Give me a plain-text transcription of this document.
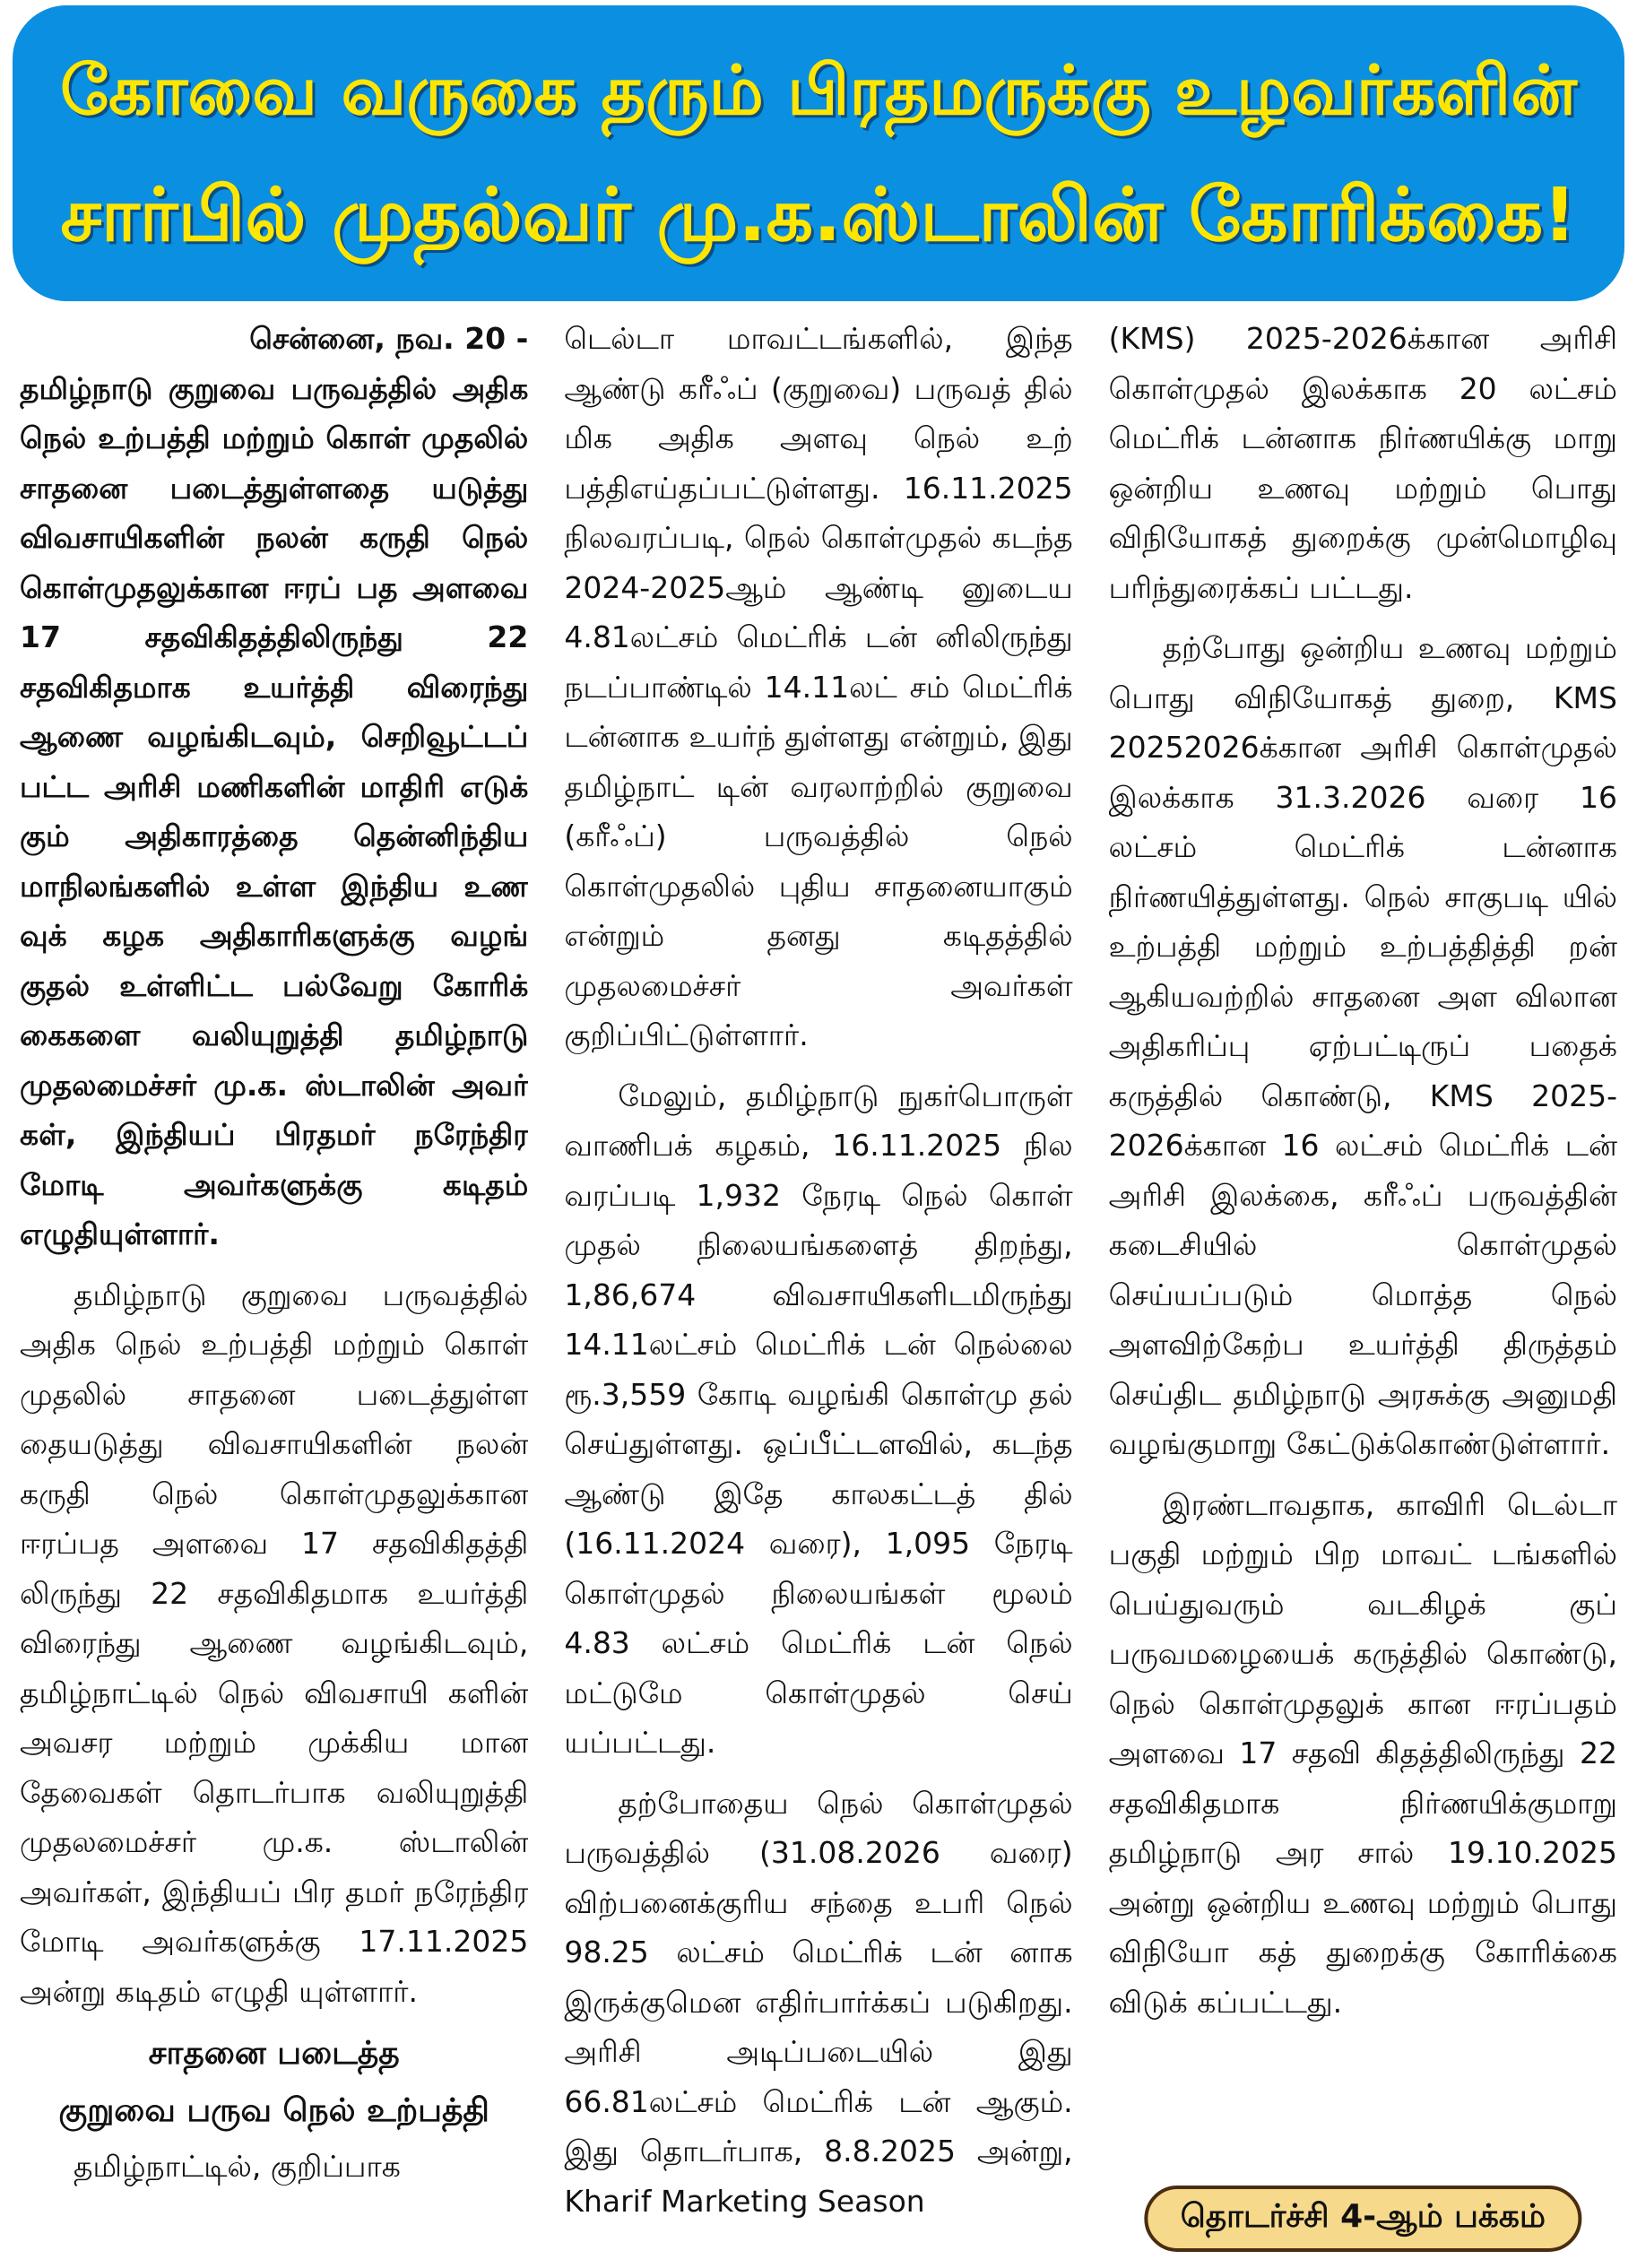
கோவை வருகை தரும் பிரதமருக்கு உழவர்களின்
சார்பில் முதல்வர் மு.க.ஸ்டாலின் கோரிக்கை!

சென்னை, நவ. 20 -

தமிழ்நாடு குறுவை பருவத்தில் அதிக நெல் உற்பத்தி மற்றும் கொள் முதலில் சாதனை படைத்துள்ளதை யடுத்து விவசாயிகளின் நலன் கருதி நெல் கொள்முதலுக்கான ஈரப் பத அளவை 17 சதவிகிதத்திலிருந்து 22 சதவிகிதமாக உயர்த்தி விரைந்து ஆணை வழங்கிடவும், செறிவூட்டப் பட்ட அரிசி மணிகளின் மாதிரி எடுக் கும் அதிகாரத்தை தென்னிந்திய மாநிலங்களில் உள்ள இந்திய உண வுக் கழக அதிகாரிகளுக்கு வழங் குதல் உள்ளிட்ட பல்வேறு கோரிக் கைகளை வலியுறுத்தி தமிழ்நாடு முதலமைச்சர் மு.க. ஸ்டாலின் அவர் கள், இந்தியப் பிரதமர் நரேந்திர மோடி அவர்களுக்கு கடிதம் எழுதியுள்ளார்.

தமிழ்நாடு குறுவை பருவத்தில் அதிக நெல் உற்பத்தி மற்றும் கொள் முதலில் சாதனை படைத்துள்ள தையடுத்து விவசாயிகளின் நலன் கருதி நெல் கொள்முதலுக்கான ஈரப்பத அளவை 17 சதவிகிதத்தி லிருந்து 22 சதவிகிதமாக உயர்த்தி விரைந்து ஆணை வழங்கிடவும், தமிழ்நாட்டில் நெல் விவசாயி களின் அவசர மற்றும் முக்கிய மான தேவைகள் தொடர்பாக வலியுறுத்தி முதலமைச்சர் மு.க. ஸ்டாலின் அவர்கள், இந்தியப் பிர தமர் நரேந்திர மோடி அவர்களுக்கு 17.11.2025 அன்று கடிதம் எழுதி யுள்ளார்.

சாதனை படைத்த
குறுவை பருவ நெல் உற்பத்தி

தமிழ்நாட்டில், குறிப்பாக

டெல்டா மாவட்டங்களில், இந்த ஆண்டு கரீஃப் (குறுவை) பருவத் தில் மிக அதிக அளவு நெல் உற் பத்திஎய்தப்பட்டுள்ளது. 16.11.2025 நிலவரப்படி, நெல் கொள்முதல் கடந்த 2024-2025ஆம் ஆண்டி னுடைய 4.81லட்சம் மெட்ரிக் டன் னிலிருந்து நடப்பாண்டில் 14.11லட் சம் மெட்ரிக் டன்னாக உயர்ந் துள்ளது என்றும், இது தமிழ்நாட் டின் வரலாற்றில் குறுவை (கரீஃப்) பருவத்தில் நெல் கொள்முதலில் புதிய சாதனையாகும் என்றும் தனது கடிதத்தில் முதலமைச்சர் அவர்கள் குறிப்பிட்டுள்ளார்.

மேலும், தமிழ்நாடு நுகர்பொருள் வாணிபக் கழகம், 16.11.2025 நில வரப்படி 1,932 நேரடி நெல் கொள் முதல் நிலையங்களைத் திறந்து, 1,86,674 விவசாயிகளிடமிருந்து 14.11லட்சம் மெட்ரிக் டன் நெல்லை ரூ.3,559 கோடி வழங்கி கொள்மு தல் செய்துள்ளது. ஒப்பீட்டளவில், கடந்த ஆண்டு இதே காலகட்டத் தில் (16.11.2024 வரை), 1,095 நேரடி கொள்முதல் நிலையங்கள் மூலம் 4.83 லட்சம் மெட்ரிக் டன் நெல் மட்டுமே கொள்முதல் செய் யப்பட்டது.

தற்போதைய நெல் கொள்முதல் பருவத்தில் (31.08.2026 வரை) விற்பனைக்குரிய சந்தை உபரி நெல் 98.25 லட்சம் மெட்ரிக் டன் னாக இருக்குமென எதிர்பார்க்கப் படுகிறது. அரிசி அடிப்படையில் இது 66.81லட்சம் மெட்ரிக் டன் ஆகும். இது தொடர்பாக, 8.8.2025 அன்று, Kharif Marketing Season

(KMS) 2025-2026க்கான அரிசி கொள்முதல் இலக்காக 20 லட்சம் மெட்ரிக் டன்னாக நிர்ணயிக்கு மாறு ஒன்றிய உணவு மற்றும் பொது விநியோகத் துறைக்கு முன்மொழிவு பரிந்துரைக்கப் பட்டது.

தற்போது ஒன்றிய உணவு மற்றும் பொது விநியோகத் துறை, KMS 20252026க்கான அரிசி கொள்முதல் இலக்காக 31.3.2026 வரை 16 லட்சம் மெட்ரிக் டன்னாக நிர்ணயித்துள்ளது. நெல் சாகுபடி யில் உற்பத்தி மற்றும் உற்பத்தித்தி றன் ஆகியவற்றில் சாதனை அள விலான அதிகரிப்பு ஏற்பட்டிருப் பதைக் கருத்தில் கொண்டு, KMS 2025-2026க்கான 16 லட்சம் மெட்ரிக் டன் அரிசி இலக்கை, கரீஃப் பருவத்தின் கடைசியில் கொள்முதல் செய்யப்படும் மொத்த நெல் அளவிற்கேற்ப உயர்த்தி திருத்தம் செய்திட தமிழ்நாடு அரசுக்கு அனுமதி வழங்குமாறு கேட்டுக்கொண்டுள்ளார்.

இரண்டாவதாக, காவிரி டெல்டா பகுதி மற்றும் பிற மாவட் டங்களில் பெய்துவரும் வடகிழக் குப் பருவமழையைக் கருத்தில் கொண்டு, நெல் கொள்முதலுக் கான ஈரப்பதம் அளவை 17 சதவி கிதத்திலிருந்து 22 சதவிகிதமாக நிர்ணயிக்குமாறு தமிழ்நாடு அர சால் 19.10.2025 அன்று ஒன்றிய உணவு மற்றும் பொது விநியோ கத் துறைக்கு கோரிக்கை விடுக் கப்பட்டது.

தொடர்ச்சி 4-ஆம் பக்கம்
